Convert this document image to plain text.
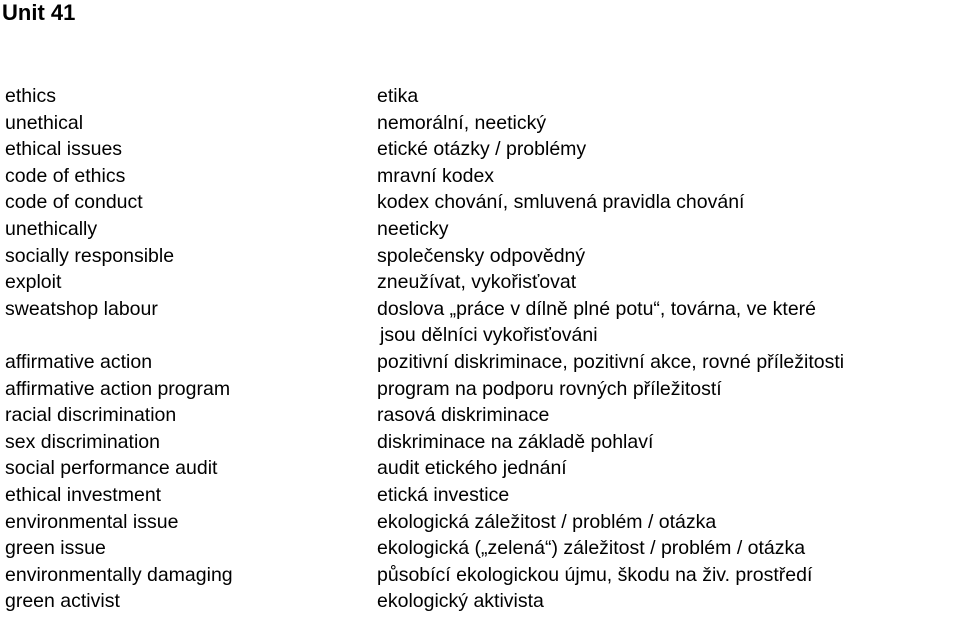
Unit 41
ethics
unethical
ethical issues
code of ethics
code of conduct
unethically
socially responsible
exploit
sweatshop labour
affirmative action
affirmative action program
racial discrimination
sex discrimination
social performance audit
ethical investment
environmental issue
green issue
environmentally damaging
green activist
etika
nemorální, neetický
etické otázky / problémy
mravní kodex
kodex chování, smluvená pravidla chování
neeticky
společensky odpovědný
zneužívat, vykořisťovat
doslova „práce v dílně plné potu“, továrna, ve které
jsou dělníci vykořisťováni
pozitivní diskriminace, pozitivní akce, rovné příležitosti
program na podporu rovných příležitostí
rasová diskriminace
diskriminace na základě pohlaví
audit etického jednání
etická investice
ekologická záležitost / problém / otázka
ekologická („zelená“) záležitost / problém / otázka
působící ekologickou újmu, škodu na živ. prostředí
ekologický aktivista
